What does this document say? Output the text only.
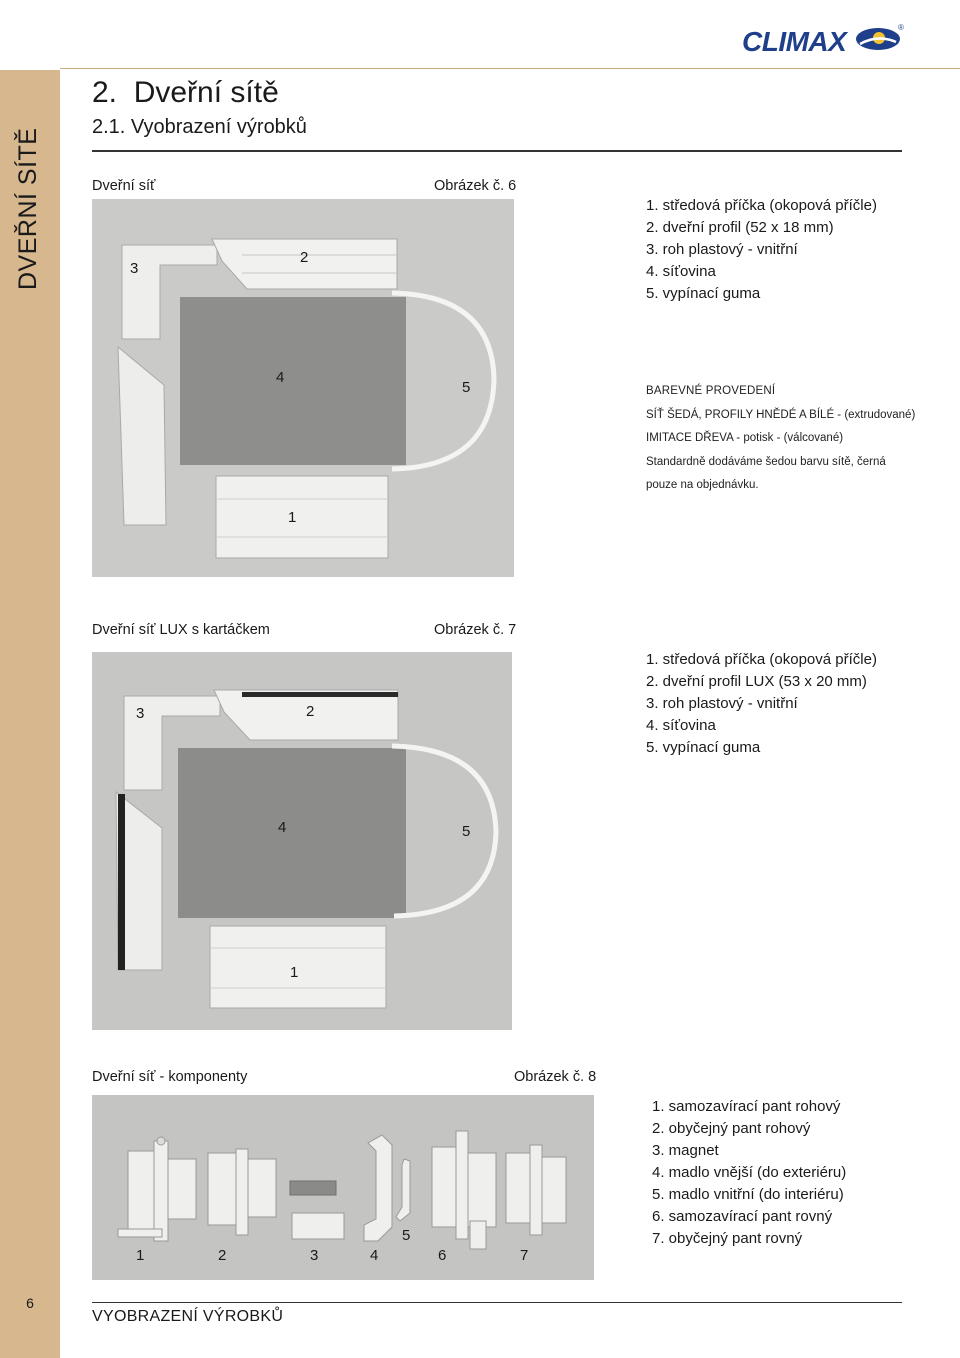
DVEŘNÍ SÍTĚ
6
CLIMAX	®
2. Dveřní sítě
2.1. Vyobrazení výrobků
Dveřní síť	Obrázek č. 6
3
2
4
5
1
1. středová příčka (okopová příčle)
2. dveřní profil (52 x 18 mm)
3. roh plastový - vnitřní
4. síťovina
5. vypínací guma
BAREVNÉ PROVEDENÍ
SÍŤ ŠEDÁ, PROFILY HNĚDÉ A BÍLÉ - (extrudované)
IMITACE DŘEVA - potisk - (válcované)
Standardně dodáváme šedou barvu sítě, černá
pouze na objednávku.
Dveřní síť LUX s kartáčkem	Obrázek č. 7
3	2
4	5
1
1. středová příčka (okopová příčle)
2. dveřní profil LUX (53 x 20 mm)
3. roh plastový - vnitřní
4. síťovina
5. vypínací guma
Dveřní síť - komponenty	Obrázek č. 8
1	2	3	4
5
6	7
1. samozavírací pant rohový
2. obyčejný pant rohový
3. magnet
4. madlo vnější (do exteriéru)
5. madlo vnitřní (do interiéru)
6. samozavírací pant rovný
7. obyčejný pant rovný
VYOBRAZENÍ VÝROBKŮ
